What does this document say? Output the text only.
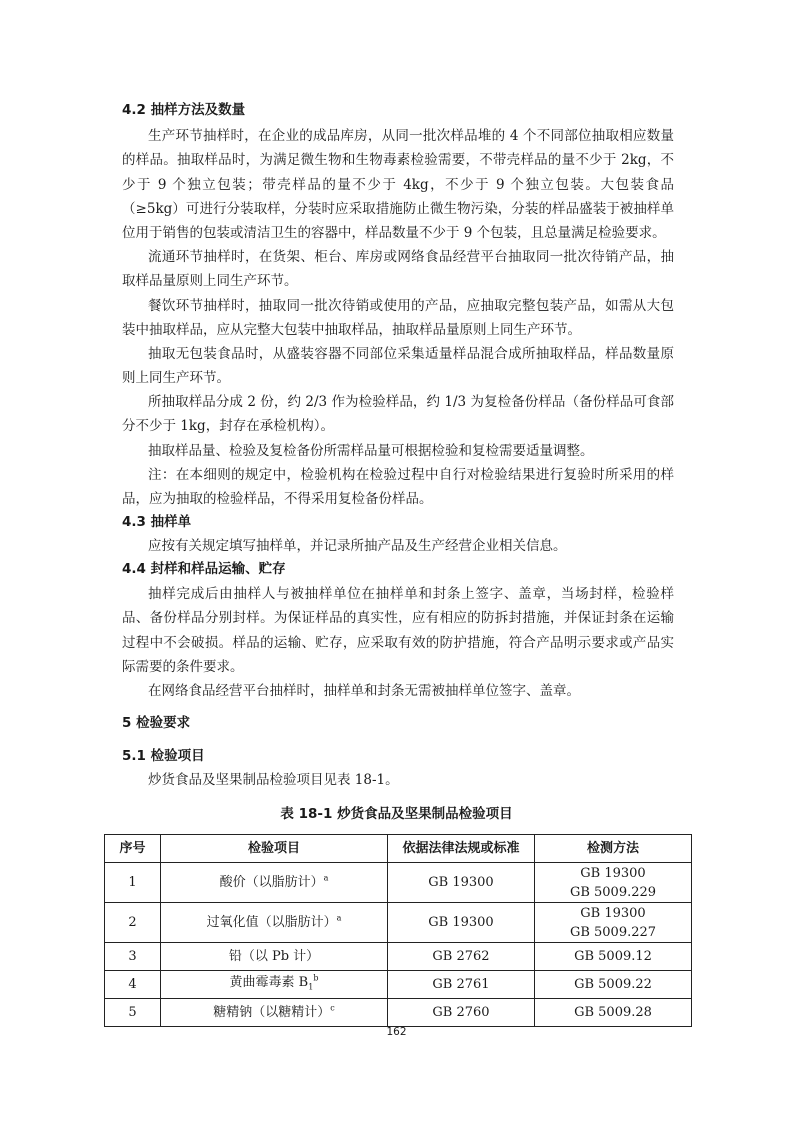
4.2 抽样方法及数量

生产环节抽样时，在企业的成品库房，从同一批次样品堆的 4 个不同部位抽取相应数量的样品。抽取样品时，为满足微生物和生物毒素检验需要，不带壳样品的量不少于 2kg，不少于 9 个独立包装；带壳样品的量不少于 4kg，不少于 9 个独立包装。大包装食品（≥5kg）可进行分装取样，分装时应采取措施防止微生物污染，分装的样品盛装于被抽样单位用于销售的包装或清洁卫生的容器中，样品数量不少于 9 个包装，且总量满足检验要求。

流通环节抽样时，在货架、柜台、库房或网络食品经营平台抽取同一批次待销产品，抽取样品量原则上同生产环节。

餐饮环节抽样时，抽取同一批次待销或使用的产品，应抽取完整包装产品，如需从大包装中抽取样品，应从完整大包装中抽取样品，抽取样品量原则上同生产环节。

抽取无包装食品时，从盛装容器不同部位采集适量样品混合成所抽取样品，样品数量原则上同生产环节。

所抽取样品分成 2 份，约 2/3 作为检验样品，约 1/3 为复检备份样品（备份样品可食部分不少于 1kg，封存在承检机构）。

抽取样品量、检验及复检备份所需样品量可根据检验和复检需要适量调整。

注：在本细则的规定中，检验机构在检验过程中自行对检验结果进行复验时所采用的样品，应为抽取的检验样品，不得采用复检备份样品。

4.3 抽样单

应按有关规定填写抽样单，并记录所抽产品及生产经营企业相关信息。

4.4 封样和样品运输、贮存

抽样完成后由抽样人与被抽样单位在抽样单和封条上签字、盖章，当场封样，检验样品、备份样品分别封样。为保证样品的真实性，应有相应的防拆封措施，并保证封条在运输过程中不会破损。样品的运输、贮存，应采取有效的防护措施，符合产品明示要求或产品实际需要的条件要求。

在网络食品经营平台抽样时，抽样单和封条无需被抽样单位签字、盖章。

5 检验要求
5.1 检验项目

炒货食品及坚果制品检验项目见表 18-1。

表 18-1 炒货食品及坚果制品检验项目
序号	检验项目	依据法律法规或标准	检测方法
1	酸价（以脂肪计）$^a$	GB 19300	GB 19300
GB 5009.229

2	过氧化值（以脂肪计）$^a$	GB 19300	GB 19300
GB 5009.227

3	铅（以 Pb 计）	GB 2762	GB 5009.12
4	黄曲霉毒素 $B_1^b$	GB 2761	GB 5009.22
5	糖精钠（以糖精计）$^c$	GB 2760	GB 5009.28
162
